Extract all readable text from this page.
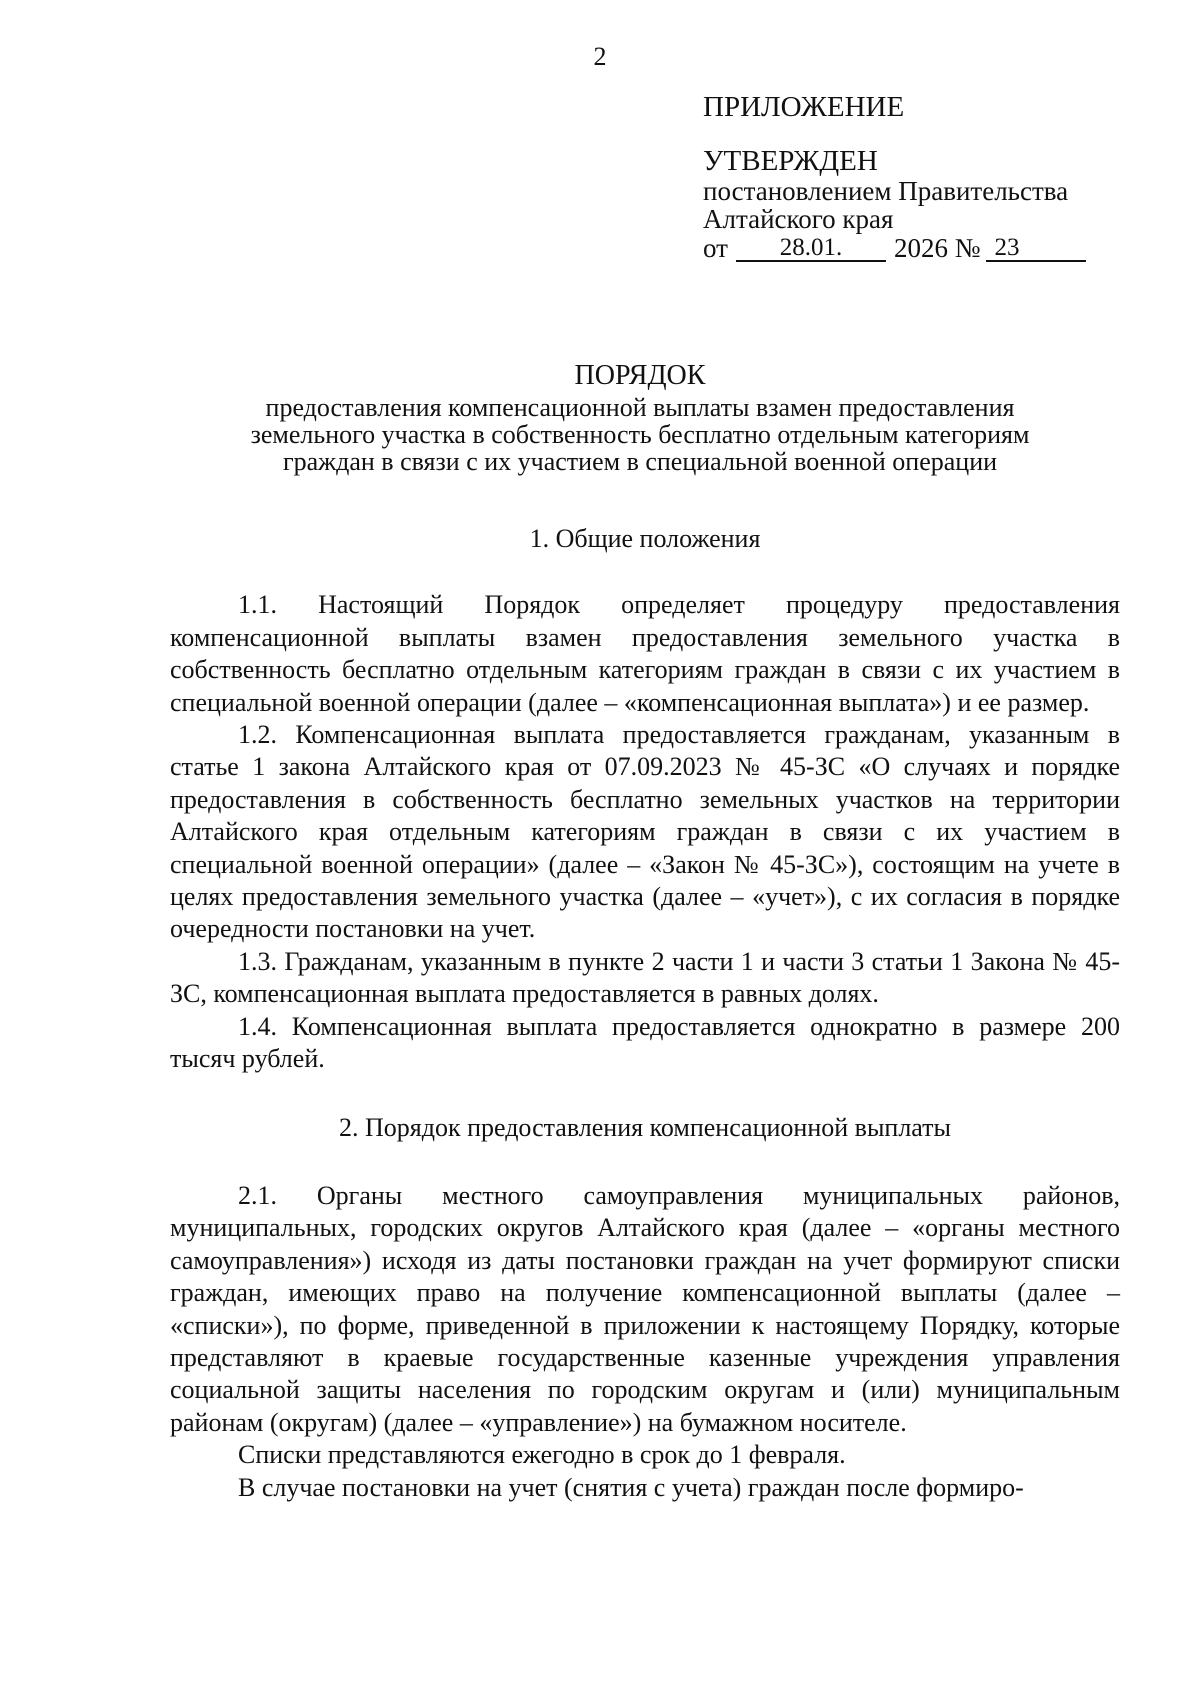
2

ПРИЛОЖЕНИЕ

УТВЕРЖДЕН

постановлением Правительства

Алтайского края

от 28.01. 2026 № 23

ПОРЯДОК

предоставления компенсационной выплаты взамен предоставления земельного участка в собственность бесплатно отдельным категориям граждан в связи с их участием в специальной военной операции

1. Общие положения

1.1. Настоящий Порядок определяет процедуру предоставления компенсационной выплаты взамен предоставления земельного участка в собственность бесплатно отдельным категориям граждан в связи с их участием в специальной военной операции (далее – «компенсационная выплата») и ее размер.

1.2. Компенсационная выплата предоставляется гражданам, указанным в статье 1 закона Алтайского края от 07.09.2023 № 45-ЗС «О случаях и порядке предоставления в собственность бесплатно земельных участков на территории Алтайского края отдельным категориям граждан в связи с их участием в специальной военной операции» (далее – «Закон № 45-ЗС»), состоящим на учете в целях предоставления земельного участка (далее – «учет»), с их согласия в порядке очередности постановки на учет.

1.3. Гражданам, указанным в пункте 2 части 1 и части 3 статьи 1 Закона № 45-ЗС, компенсационная выплата предоставляется в равных долях.

1.4. Компенсационная выплата предоставляется однократно в размере 200 тысяч рублей.

2. Порядок предоставления компенсационной выплаты

2.1. Органы местного самоуправления муниципальных районов, муниципальных, городских округов Алтайского края (далее – «органы местного самоуправления») исходя из даты постановки граждан на учет формируют списки граждан, имеющих право на получение компенсационной выплаты (далее – «списки»), по форме, приведенной в приложении к настоящему Порядку, которые представляют в краевые государственные казенные учреждения управления социальной защиты населения по городским округам и (или) муниципальным районам (округам) (далее – «управление») на бумажном носителе.

Списки представляются ежегодно в срок до 1 февраля.

В случае постановки на учет (снятия с учета) граждан после формиро-
